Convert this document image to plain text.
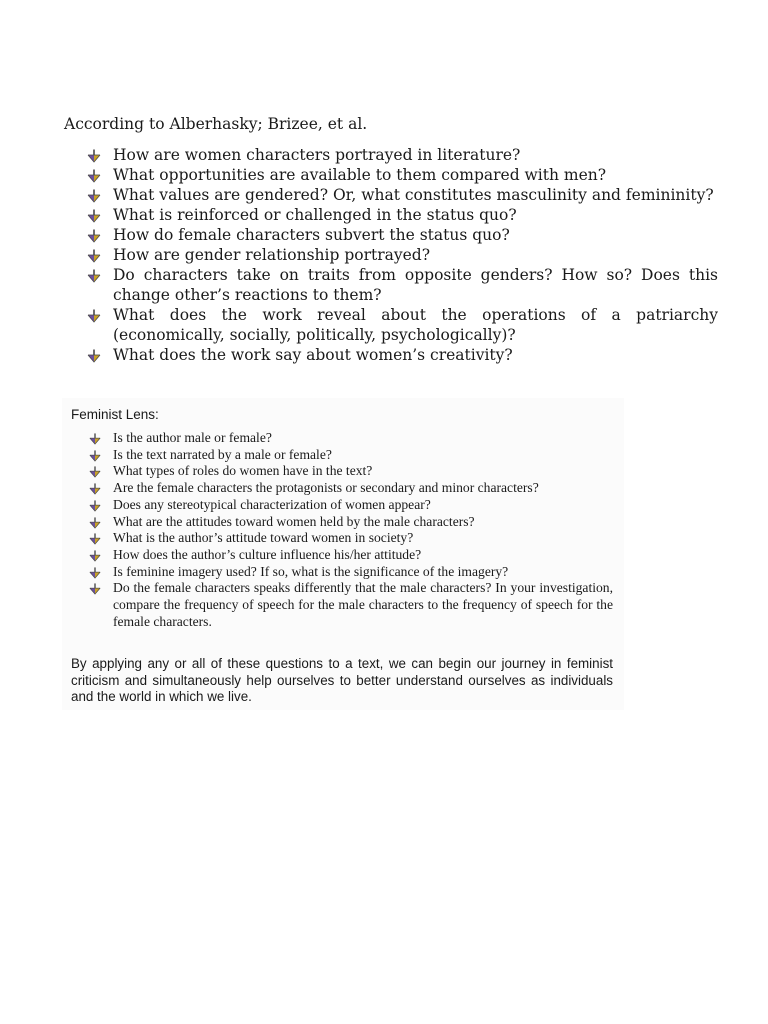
According to Alberhasky; Brizee, et al.

How are women characters portrayed in literature?
What opportunities are available to them compared with men?
What values are gendered? Or, what constitutes masculinity and femininity?
What is reinforced or challenged in the status quo?
How do female characters subvert the status quo?
How are gender relationship portrayed?
Do characters take on traits from opposite genders? How so? Does this change other’s reactions to them?
What does the work reveal about the operations of a patriarchy (economically, socially, politically, psychologically)?
What does the work say about women’s creativity?

Feminist Lens:

Is the author male or female?
Is the text narrated by a male or female?
What types of roles do women have in the text?
Are the female characters the protagonists or secondary and minor characters?
Does any stereotypical characterization of women appear?
What are the attitudes toward women held by the male characters?
What is the author’s attitude toward women in society?
How does the author’s culture influence his/her attitude?
Is feminine imagery used? If so, what is the significance of the imagery?
Do the female characters speaks differently that the male characters? In your investigation, compare the frequency of speech for the male characters to the frequency of speech for the female characters.

By applying any or all of these questions to a text, we can begin our journey in feminist criticism and simultaneously help ourselves to better understand ourselves as individuals and the world in which we live.
